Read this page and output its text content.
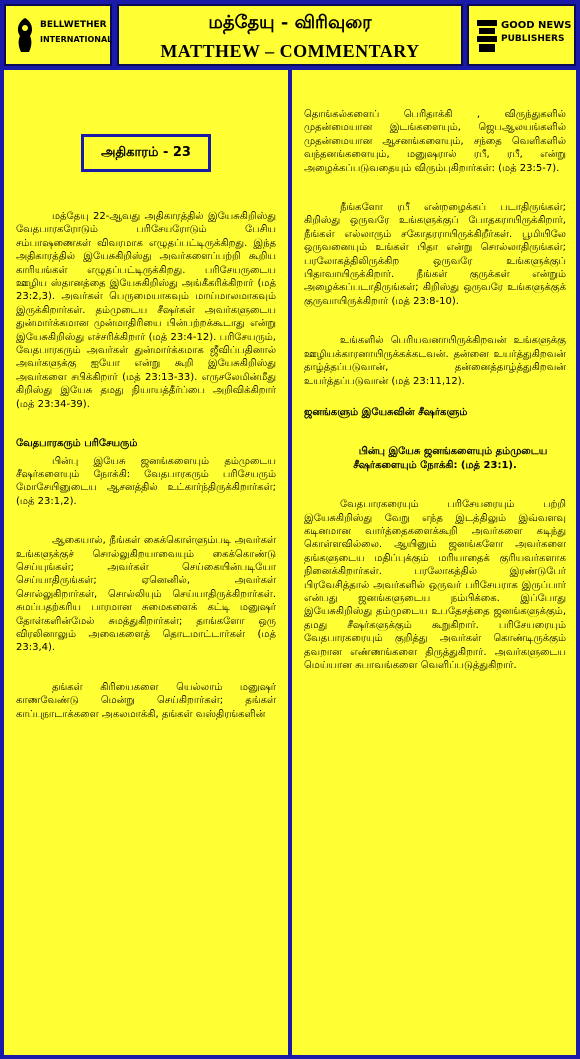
BELLWETHER
INTERNATIONAL
மத்தேயு - விரிவுரை
MATTHEW – COMMENTARY
GOOD NEWS
PUBLISHERS
அதிகாரம் - 23

மத்தேயு 22-ஆவது அதிகாரத்தில் இயேசுகிறிஸ்து வேதபாரகரோடும் பரிசேயரோடும் பேசிய சம்பாஷணைகள் விவரமாக எழுதப்பட்டிருக்கிறது. இந்த அதிகாரத்தில் இயேசுகிறிஸ்து அவர்களைப்பற்றி கூறிய காரியங்கள் எழுதப்பட்டிருக்கிறது. பரிசேயருடைய ஊழிய ஸ்தானத்தை இயேசுகிறிஸ்து அங்கீகரிக்கிறார் (மத் 23:2,3). அவர்கள் பெருமையாகவும் மாய்மாலமாகவும் இருக்கிறார்கள். தம்முடைய சீஷர்கள் அவர்களுடைய துன்மார்க்கமான முன்மாதிரியை பின்பற்றக்கூடாது என்று இயேசுகிறிஸ்து எச்சரிக்கிறார் (மத் 23:4-12). பரிசேயரும், வேதபாரகரும் அவர்கள் துன்மார்க்கமாக ஜீவிப்பதினால் அவர்களுக்கு ஐயோ என்று கூறி இயேசுகிறிஸ்து அவர்களை சபிக்கிறார் (மத் 23:13-33). எருசலேமின்மீது கிறிஸ்து இயேசு தமது நியாயத்தீர்ப்பை அறிவிக்கிறார் (மத் 23:34-39).

வேதபாரகரும் பரிசேயரும்

பின்பு இயேசு ஜனங்களையும் தம்முடைய சீஷர்களையும் நோக்கி: வேதபாரகரும் பரிசேயரும் மோசேயினுடைய ஆசனத்தில் உட்கார்ந்திருக்கிறார்கள்; (மத் 23:1,2).

ஆகையால், நீங்கள் கைக்கொள்ளும்படி அவர்கள் உங்களுக்குச் சொல்லுகிறயாவையும் கைக்கொண்டு செய்யுங்கள்; அவர்கள் செய்கையின்படியோ செய்யாதிருங்கள்; ஏனெனில், அவர்கள் சொல்லுகிறார்கள், சொல்லியும் செய்யாதிருக்கிறார்கள். சுமப்பதற்கரிய பாரமான சுமைகளைக் கட்டி மனுஷர் தோள்களின்மேல் சுமத்துகிறார்கள்; தாங்களோ ஒரு விரலினாலும் அவைகளைத் தொடமாட்டார்கள் (மத் 23:3,4).

தங்கள் கிரியைகளை யெல்லாம் மனுஷர் காணவேண்டு மென்று செய்கிறார்கள்; தங்கள் காப்புநாடாக்களை அகலமாக்கி, தங்கள் வஸ்திரங்களின்

தொங்கல்களைப் பெரிதாக்கி , விருந்துகளில் முதன்மையான இடங்களையும், ஜெபஆலயங்களில் முதன்மையான ஆசனங்களையும், சந்தை வெளிகளில் வந்தனங்களையும், மனுஷரால் ரபீ, ரபீ, என்று அழைக்கப்படுவதையும் விரும்புகிறார்கள்: (மத் 23:5-7).

நீங்களோ ரபீ என்றழைக்கப் படாதிருங்கள்; கிறிஸ்து ஒருவரே உங்களுக்குப் போதகராயிருக்கிறார், நீங்கள் எல்லாரும் சகோதரராயிருக்கிறீர்கள். பூமியிலே ஒருவனையும் உங்கள் பிதா என்று சொல்லாதிருங்கள்; பரலோகத்திலிருக்கிற ஒருவரே உங்களுக்குப் பிதாவாயிருக்கிறார். நீங்கள் குருக்கள் என்றும் அழைக்கப்படாதிருங்கள்; கிறிஸ்து ஒருவரே உங்களுக்குக் குருவாயிருக்கிறார் (மத் 23:8-10).

உங்களில் பெரியவனாயிருக்கிறவன் உங்களுக்கு ஊழியக்காரனாயிருக்கக்கடவன். தன்னை உயர்த்துகிறவன் தாழ்த்தப்படுவான், தன்னைத்தாழ்த்துகிறவன் உயர்த்தப்படுவான் (மத் 23:11,12).

ஜனங்களும் இயேசுவின் சீஷர்களும்

பின்பு இயேசு ஜனங்களையும் தம்முடைய சீஷர்களையும் நோக்கி: (மத் 23:1).

வேதபாரகரையும் பரிசேயரையும் பற்றி இயேசுகிறிஸ்து வேறு எந்த இடத்திலும் இவ்வளவு கடினமான வார்த்தைகளைக்கூறி அவர்களை கடிந்து கொள்ளவில்லை. ஆயினும் ஜனங்களோ அவர்களை தங்களுடைய மதிப்புக்கும் மரியாதைக் குரியவர்களாக நினைக்கிறார்கள். பரலோகத்தில் இரண்டுபேர் பிரவேசித்தால் அவர்களில் ஒருவர் பரிசேயராக இருப்பார் என்பது ஜனங்களுடைய நம்பிக்கை. இப்போது இயேசுகிறிஸ்து தம்முடைய உபதேசத்தை ஜனங்களுக்கும், தமது சீஷர்களுக்கும் கூறுகிறார். பரிசேயரையும் வேதபாரகரையும் குறித்து அவர்கள் கொண்டிருக்கும் தவறான எண்ணங்களை திருத்துகிறார். அவர்களுடைய மெய்யான சுபாவங்களை வெளிப்படுத்துகிறார்.
